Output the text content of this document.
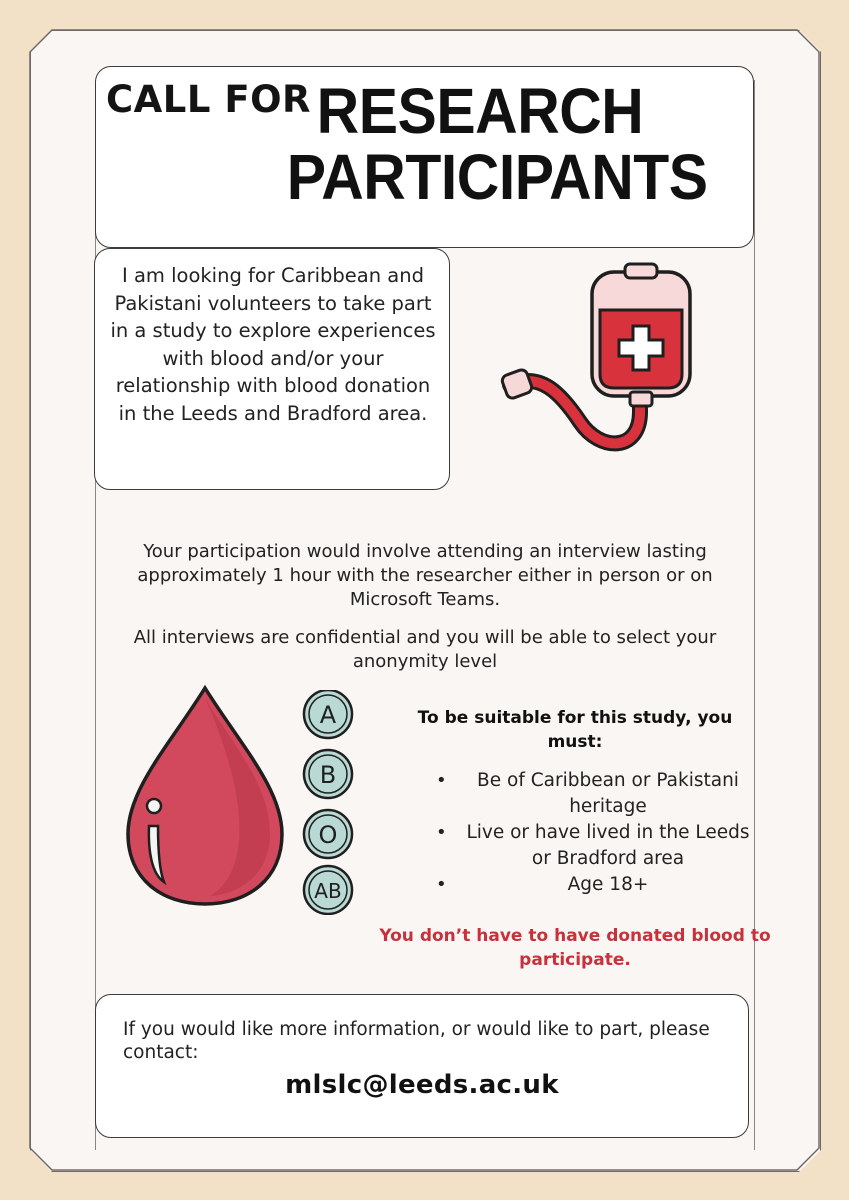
CALL FOR RESEARCH
PARTICIPANTS
I am looking for Caribbean and Pakistani volunteers to take part in a study to explore experiences with blood and/or your relationship with blood donation in the Leeds and Bradford area.
Your participation would involve attending an interview lasting approximately 1 hour with the researcher either in person or on Microsoft Teams.
All interviews are confidential and you will be able to select your anonymity level
A
B
O
AB
To be suitable for this study, you must:
• Be of Caribbean or Pakistani heritage
• Live or have lived in the Leeds or Bradford area
• Age 18+
You don’t have to have donated blood to participate.
If you would like more information, or would like to part, please contact:
mlslc@leeds.ac.uk
